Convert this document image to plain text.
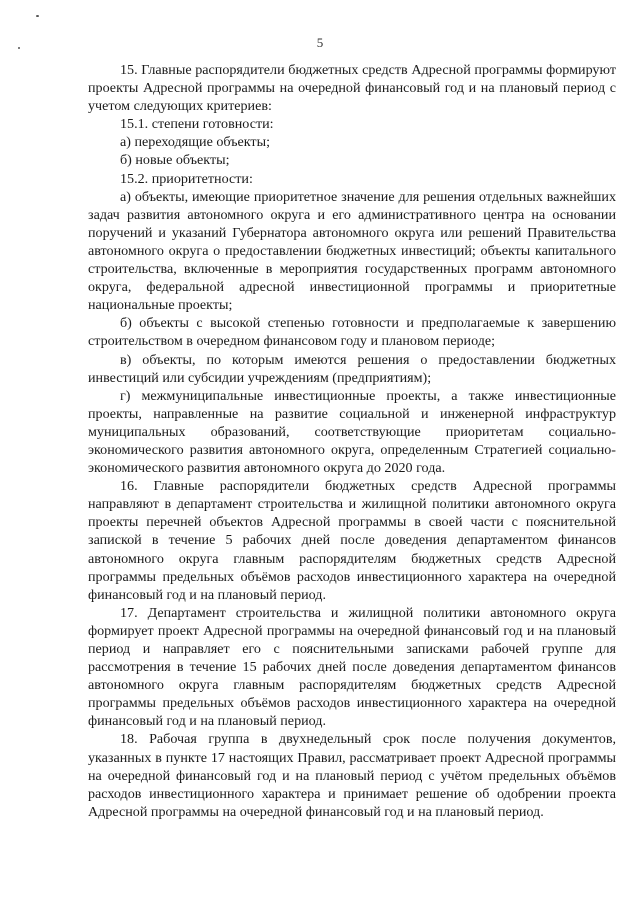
5

15. Главные распорядители бюджетных средств Адресной программы формируют проекты Адресной программы на очередной финансовый год и на плановый период с учетом следующих критериев:

15.1. степени готовности:

а) переходящие объекты;

б) новые объекты;

15.2. приоритетности:

а) объекты, имеющие приоритетное значение для решения отдельных важнейших задач развития автономного округа и его административного центра на основании поручений и указаний Губернатора автономного округа или решений Правительства автономного округа о предоставлении бюджетных инвестиций; объекты капитального строительства, включенные в мероприятия государственных программ автономного округа, федеральной адресной инвестиционной программы и приоритетные национальные проекты;

б) объекты с высокой степенью готовности и предполагаемые к завершению строительством в очередном финансовом году и плановом периоде;

в) объекты, по которым имеются решения о предоставлении бюджетных инвестиций или субсидии учреждениям (предприятиям);

г) межмуниципальные инвестиционные проекты, а также инвестиционные проекты, направленные на развитие социальной и инженерной инфраструктур муниципальных образований, соответствующие приоритетам социально-экономического развития автономного округа, определенным Стратегией социально-экономического развития автономного округа до 2020 года.

16. Главные распорядители бюджетных средств Адресной программы направляют в департамент строительства и жилищной политики автономного округа проекты перечней объектов Адресной программы в своей части с пояснительной запиской в течение 5 рабочих дней после доведения департаментом финансов автономного округа главным распорядителям бюджетных средств Адресной программы предельных объёмов расходов инвестиционного характера на очередной финансовый год и на плановый период.

17. Департамент строительства и жилищной политики автономного округа формирует проект Адресной программы на очередной финансовый год и на плановый период и направляет его с пояснительными записками рабочей группе для рассмотрения в течение 15 рабочих дней после доведения департаментом финансов автономного округа главным распорядителям бюджетных средств Адресной программы предельных объёмов расходов инвестиционного характера на очередной финансовый год и на плановый период.

18. Рабочая группа в двухнедельный срок после получения документов, указанных в пункте 17 настоящих Правил, рассматривает проект Адресной программы на очередной финансовый год и на плановый период с учётом предельных объёмов расходов инвестиционного характера и принимает решение об одобрении проекта Адресной программы на очередной финансовый год и на плановый период.
